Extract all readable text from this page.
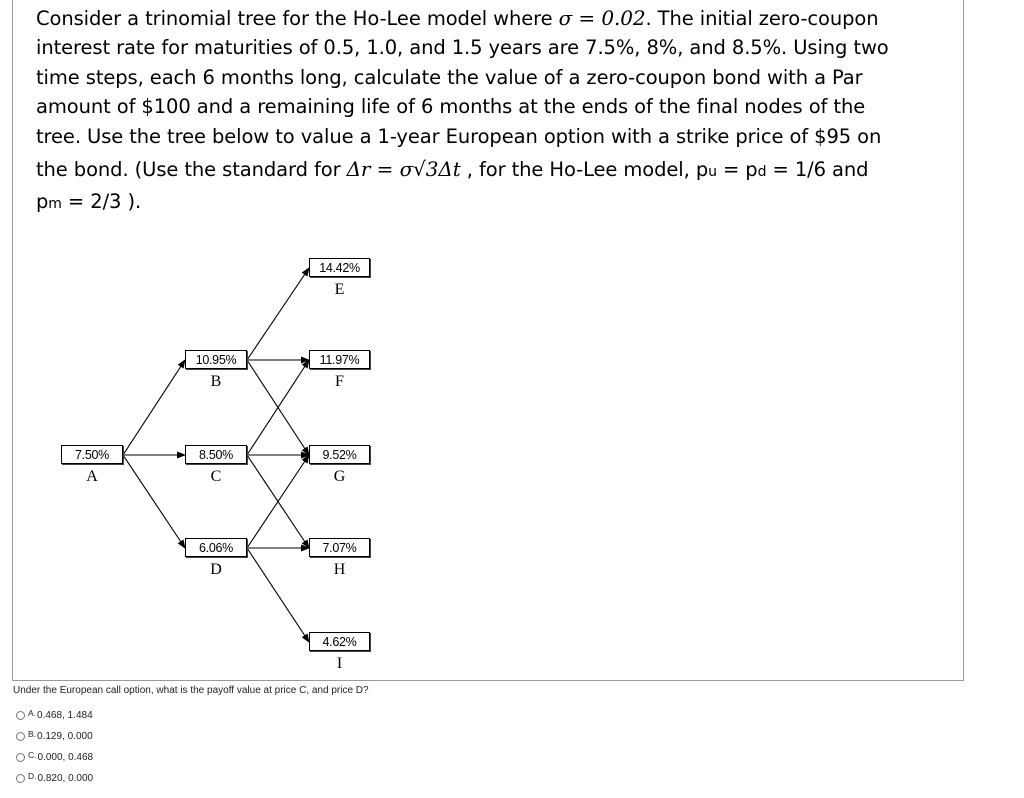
Consider a trinomial tree for the Ho-Lee model where σ = 0.02. The initial zero-coupon

interest rate for maturities of 0.5, 1.0, and 1.5 years are 7.5%, 8%, and 8.5%. Using two

time steps, each 6 months long, calculate the value of a zero-coupon bond with a Par

amount of $100 and a remaining life of 6 months at the ends of the final nodes of the

tree. Use the tree below to value a 1-year European option with a strike price of $95 on

the bond. (Use the standard for Δr = σ√3Δt , for the Ho-Lee model, pu = pd = 1/6 and

pm = 2/3 ).

7.50%
A
10.95%
B
8.50%
C
6.06%
D
14.42%
E
11.97%
F
9.52%
G
7.07%
H
4.62%
I
Under the European call option, what is the payoff value at price C, and price D?
A. 0.468, 1.484
B. 0.129, 0.000
C. 0.000, 0.468
D. 0.820, 0.000
